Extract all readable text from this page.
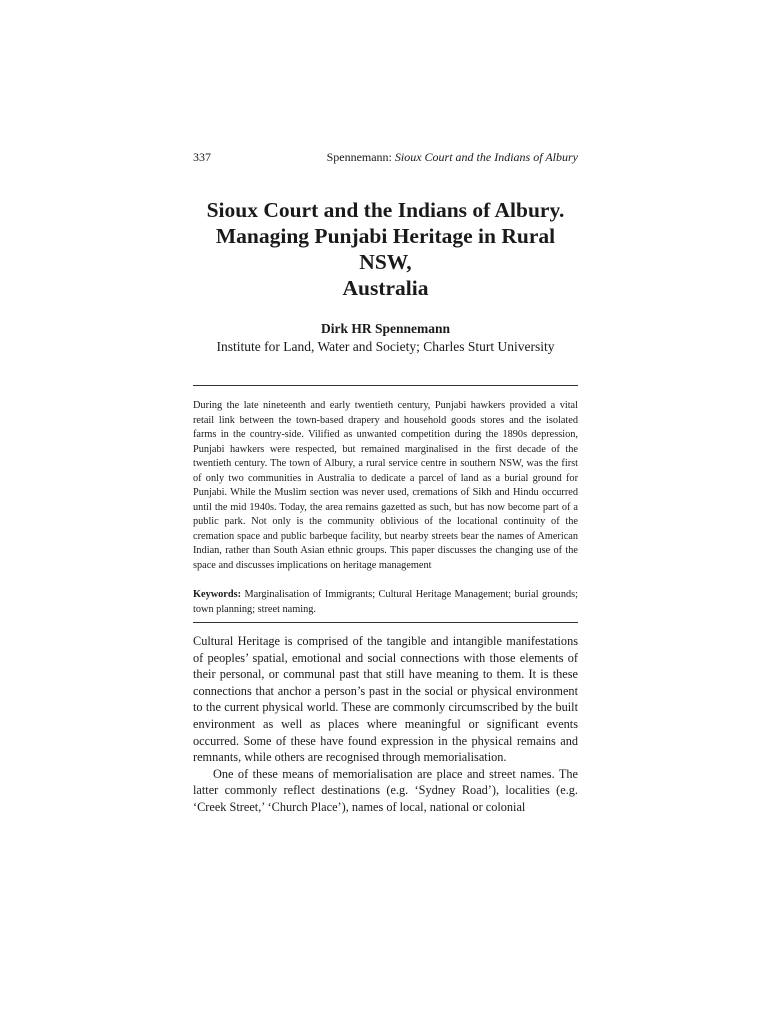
337	Spennemann: Sioux Court and the Indians of Albury
Sioux Court and the Indians of Albury.
Managing Punjabi Heritage in Rural NSW,
Australia
Dirk HR Spennemann
Institute for Land, Water and Society; Charles Sturt University
During the late nineteenth and early twentieth century, Punjabi hawkers provided a vital retail link between the town-based drapery and household goods stores and the isolated farms in the country-side. Vilified as unwanted competition during the 1890s depression, Punjabi hawkers were respected, but remained marginalised in the first decade of the twentieth century. The town of Albury, a rural service centre in southern NSW, was the first of only two communities in Australia to dedicate a parcel of land as a burial ground for Punjabi. While the Muslim section was never used, cremations of Sikh and Hindu occurred until the mid 1940s. Today, the area remains gazetted as such, but has now become part of a public park. Not only is the community oblivious of the locational continuity of the cremation space and public barbeque facility, but nearby streets bear the names of American Indian, rather than South Asian ethnic groups. This paper discusses the changing use of the space and discusses implications on heritage management
Keywords: Marginalisation of Immigrants; Cultural Heritage Management; burial grounds; town planning; street naming.

Cultural Heritage is comprised of the tangible and intangible manifestations of peoples’ spatial, emotional and social connections with those elements of their personal, or communal past that still have meaning to them. It is these connections that anchor a person’s past in the social or physical environment to the current physical world. These are commonly circumscribed by the built environment as well as places where meaningful or significant events occurred. Some of these have found expression in the physical remains and remnants, while others are recognised through memorialisation.

One of these means of memorialisation are place and street names. The latter commonly reflect destinations (e.g. ‘Sydney Road’), localities (e.g. ‘Creek Street,’ ‘Church Place’), names of local, national or colonial
